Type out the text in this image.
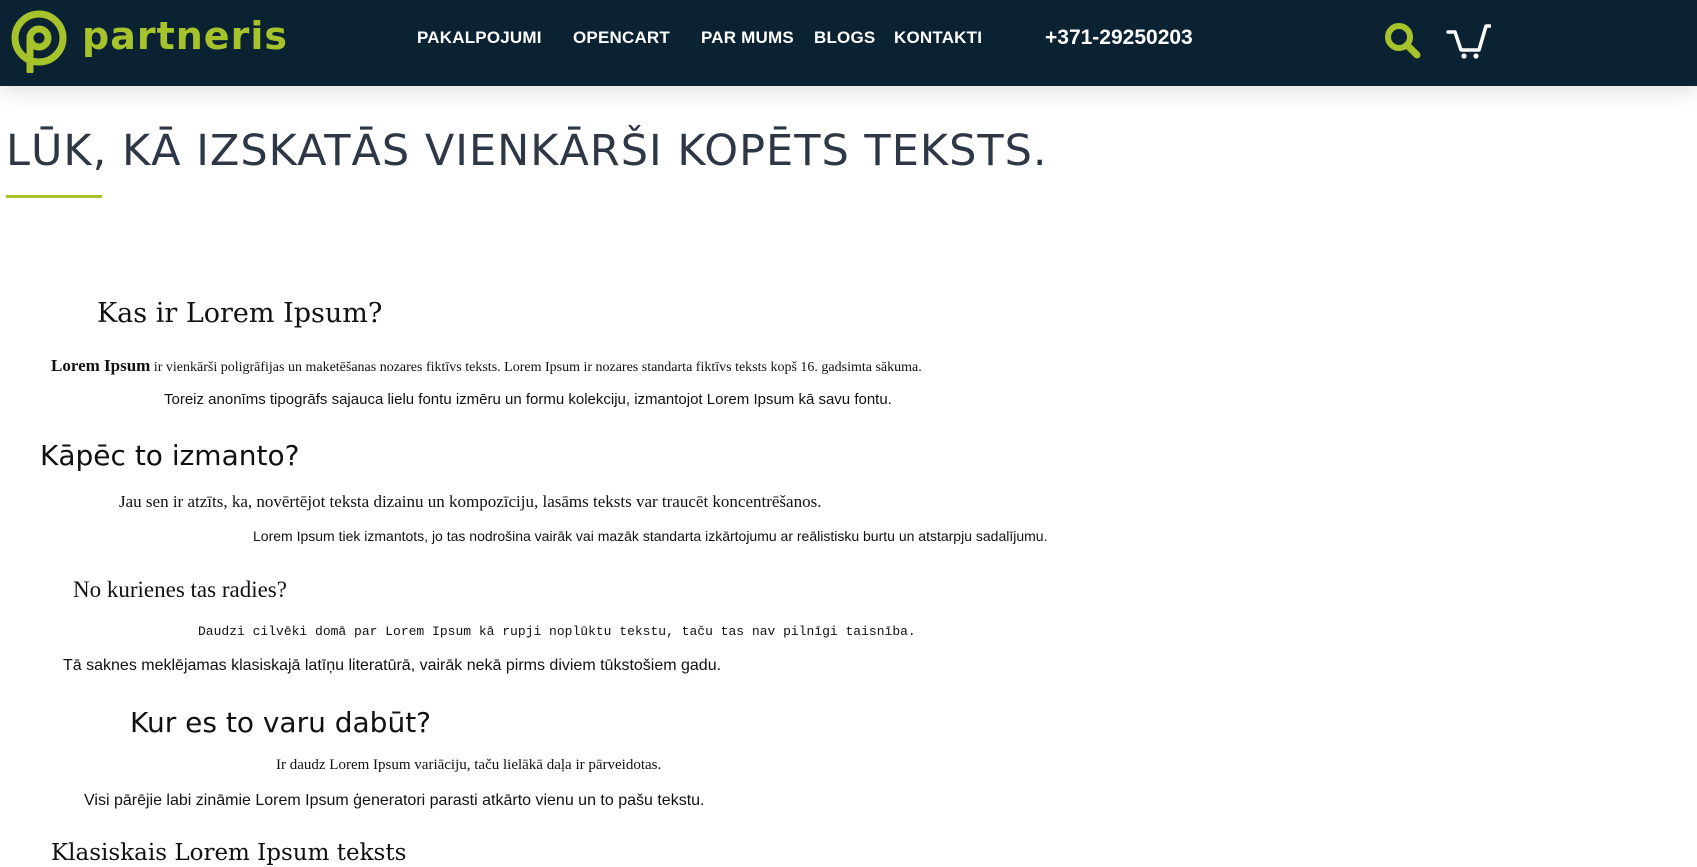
partneris	PAKALPOJUMI OPENCART PAR MUMS BLOGS KONTAKTI	+371-29250203
LŪK, KĀ IZSKATĀS VIENKĀRŠI KOPĒTS TEKSTS.
Kas ir Lorem Ipsum?

Lorem Ipsum ir vienkārši poligrāfijas un maketēšanas nozares fiktīvs teksts. Lorem Ipsum ir nozares standarta fiktīvs teksts kopš 16. gadsimta sākuma.

Toreiz anonīms tipogrāfs sajauca lielu fontu izmēru un formu kolekciju, izmantojot Lorem Ipsum kā savu fontu.

Kāpēc to izmanto?

Jau sen ir atzīts, ka, novērtējot teksta dizainu un kompozīciju, lasāms teksts var traucēt koncentrēšanos.

Lorem Ipsum tiek izmantots, jo tas nodrošina vairāk vai mazāk standarta izkārtojumu ar reālistisku burtu un atstarpju sadalījumu.

No kurienes tas radies?

Daudzi cilvēki domā par Lorem Ipsum kā rupji noplūktu tekstu, taču tas nav pilnīgi taisnība.

Tā saknes meklējamas klasiskajā latīņu literatūrā, vairāk nekā pirms diviem tūkstošiem gadu.

Kur es to varu dabūt?

Ir daudz Lorem Ipsum variāciju, taču lielākā daļa ir pārveidotas.

Visi pārējie labi zināmie Lorem Ipsum ģeneratori parasti atkārto vienu un to pašu tekstu.

Klasiskais Lorem Ipsum teksts
